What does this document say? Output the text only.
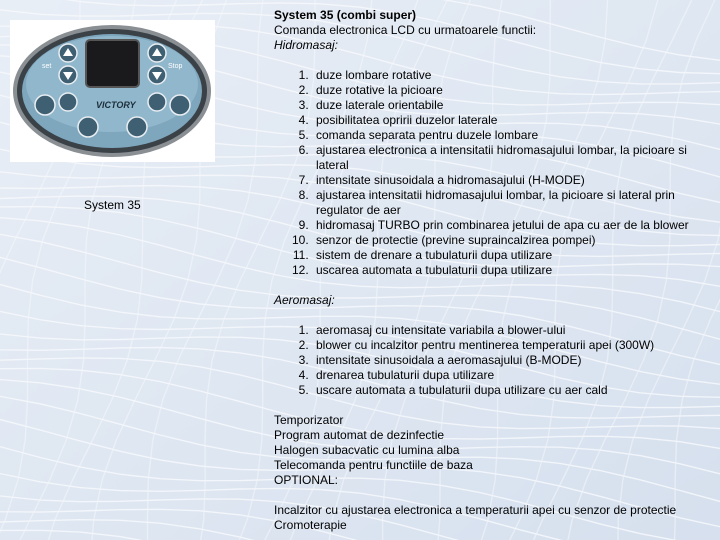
set	Stop
VICTORY
System 35
System 35 (combi super)
Comanda electronica LCD cu urmatoarele functii:
Hidromasaj:
1. duze lombare rotative
2. duze rotative la picioare
3. duze laterale orientabile
4. posibilitatea opririi duzelor laterale
5. comanda separata pentru duzele lombare
6. ajustarea electronica a intensitatii hidromasajului lombar, la picioare si lateral
7. intensitate sinusoidala a hidromasajului (H-MODE)
8. ajustarea intensitatii hidromasajului lombar, la picioare si lateral prin regulator de aer
9. hidromasaj TURBO prin combinarea jetului de apa cu aer de la blower
10. senzor de protectie (previne supraincalzirea pompei)
11. sistem de drenare a tubulaturii dupa utilizare
12. uscarea automata a tubulaturii dupa utilizare
Aeromasaj:
1. aeromasaj cu intensitate variabila a blower-ului
2. blower cu incalzitor pentru mentinerea temperaturii apei (300W)
3. intensitate sinusoidala a aeromasajului (B-MODE)
4. drenarea tubulaturii dupa utilizare
5. uscare automata a tubulaturii dupa utilizare cu aer cald

Temporizator

Program automat de dezinfectie

Halogen subacvatic cu lumina alba

Telecomanda pentru functiile de baza

OPTIONAL:

Incalzitor cu ajustarea electronica a temperaturii apei cu senzor de protectie

Cromoterapie
